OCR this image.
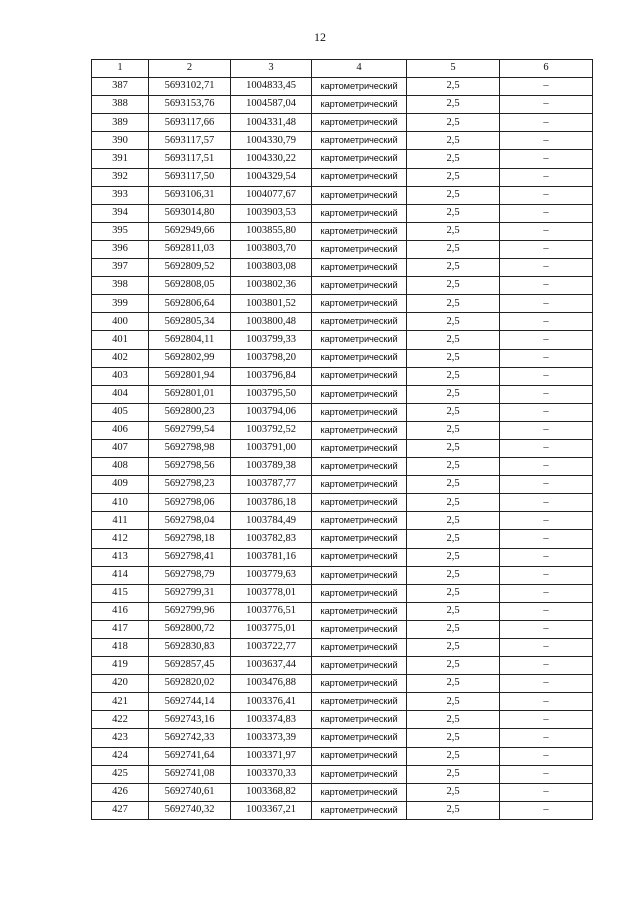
12
1	2	3	4	5	6
387	5693102,71	1004833,45	картометрический	2,5	–
388	5693153,76	1004587,04	картометрический	2,5	–
389	5693117,66	1004331,48	картометрический	2,5	–
390	5693117,57	1004330,79	картометрический	2,5	–
391	5693117,51	1004330,22	картометрический	2,5	–
392	5693117,50	1004329,54	картометрический	2,5	–
393	5693106,31	1004077,67	картометрический	2,5	–
394	5693014,80	1003903,53	картометрический	2,5	–
395	5692949,66	1003855,80	картометрический	2,5	–
396	5692811,03	1003803,70	картометрический	2,5	–
397	5692809,52	1003803,08	картометрический	2,5	–
398	5692808,05	1003802,36	картометрический	2,5	–
399	5692806,64	1003801,52	картометрический	2,5	–
400	5692805,34	1003800,48	картометрический	2,5	–
401	5692804,11	1003799,33	картометрический	2,5	–
402	5692802,99	1003798,20	картометрический	2,5	–
403	5692801,94	1003796,84	картометрический	2,5	–
404	5692801,01	1003795,50	картометрический	2,5	–
405	5692800,23	1003794,06	картометрический	2,5	–
406	5692799,54	1003792,52	картометрический	2,5	–
407	5692798,98	1003791,00	картометрический	2,5	–
408	5692798,56	1003789,38	картометрический	2,5	–
409	5692798,23	1003787,77	картометрический	2,5	–
410	5692798,06	1003786,18	картометрический	2,5	–
411	5692798,04	1003784,49	картометрический	2,5	–
412	5692798,18	1003782,83	картометрический	2,5	–
413	5692798,41	1003781,16	картометрический	2,5	–
414	5692798,79	1003779,63	картометрический	2,5	–
415	5692799,31	1003778,01	картометрический	2,5	–
416	5692799,96	1003776,51	картометрический	2,5	–
417	5692800,72	1003775,01	картометрический	2,5	–
418	5692830,83	1003722,77	картометрический	2,5	–
419	5692857,45	1003637,44	картометрический	2,5	–
420	5692820,02	1003476,88	картометрический	2,5	–
421	5692744,14	1003376,41	картометрический	2,5	–
422	5692743,16	1003374,83	картометрический	2,5	–
423	5692742,33	1003373,39	картометрический	2,5	–
424	5692741,64	1003371,97	картометрический	2,5	–
425	5692741,08	1003370,33	картометрический	2,5	–
426	5692740,61	1003368,82	картометрический	2,5	–
427	5692740,32	1003367,21	картометрический	2,5	–
